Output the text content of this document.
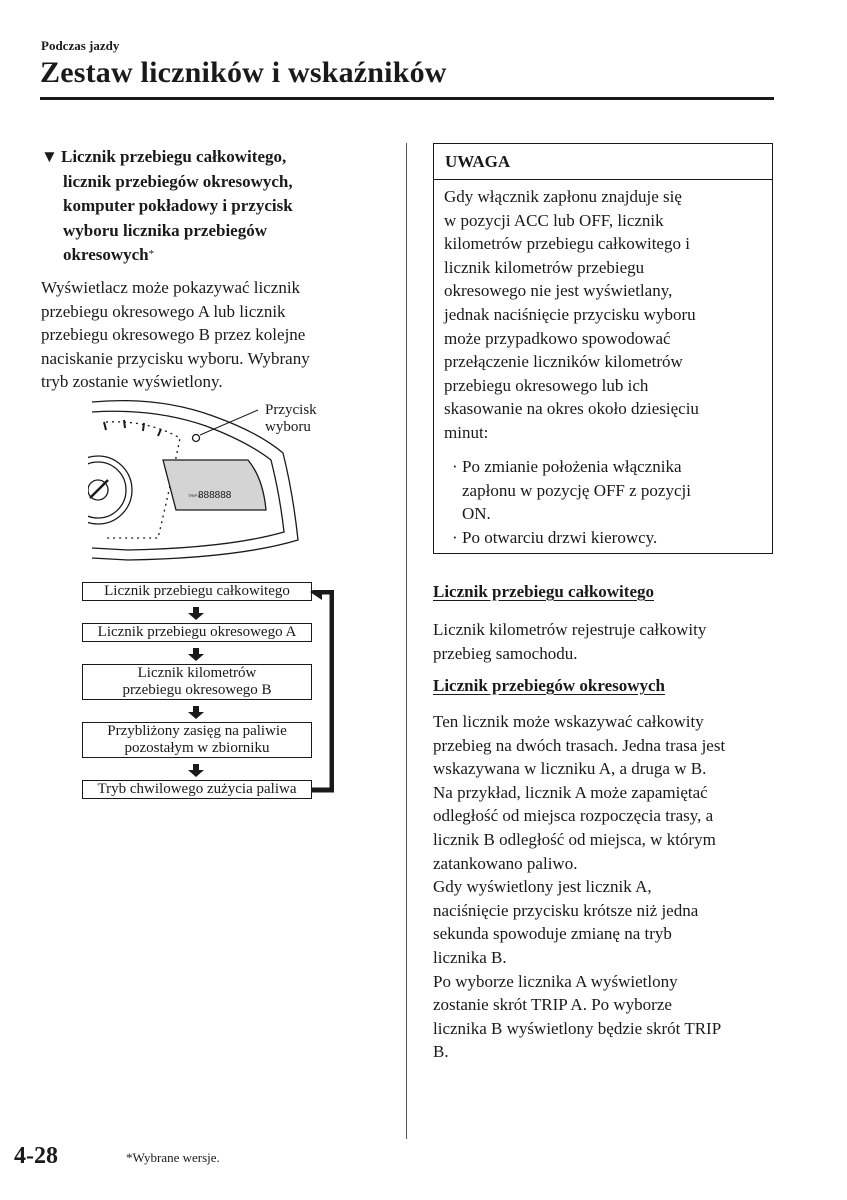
Podczas jazdy
Zestaw liczników i wskaźników
▼ Licznik przebiegu całkowitego,
licznik przebiegów okresowych,
komputer pokładowy i przycisk
wyboru licznika przebiegów
okresowych*
Wyświetlacz może pokazywać licznik
przebiegu okresowego A lub licznik
przebiegu okresowego B przez kolejne
naciskanie przycisku wyboru. Wybrany
tryb zostanie wyświetlony.
TRIP A
888888
Przycisk
wyboru
Licznik przebiegu całkowitego
Licznik przebiegu okresowego A
Licznik kilometrów
przebiegu okresowego B
Przybliżony zasięg na paliwie
pozostałym w zbiorniku
Tryb chwilowego zużycia paliwa
UWAGA
Gdy włącznik zapłonu znajduje się
w pozycji ACC lub OFF, licznik
kilometrów przebiegu całkowitego i
licznik kilometrów przebiegu
okresowego nie jest wyświetlany,
jednak naciśnięcie przycisku wyboru
może przypadkowo spowodować
przełączenie liczników kilometrów
przebiegu okresowego lub ich
skasowanie na okres około dziesięciu
minut:
· Po zmianie położenia włącznika
zapłonu w pozycję OFF z pozycji
ON.
· Po otwarciu drzwi kierowcy.
Licznik przebiegu całkowitego
Licznik kilometrów rejestruje całkowity
przebieg samochodu.
Licznik przebiegów okresowych
Ten licznik może wskazywać całkowity
przebieg na dwóch trasach. Jedna trasa jest
wskazywana w liczniku A, a druga w B.
Na przykład, licznik A może zapamiętać
odległość od miejsca rozpoczęcia trasy, a
licznik B odległość od miejsca, w którym
zatankowano paliwo.
Gdy wyświetlony jest licznik A,
naciśnięcie przycisku krótsze niż jedna
sekunda spowoduje zmianę na tryb
licznika B.
Po wyborze licznika A wyświetlony
zostanie skrót TRIP A. Po wyborze
licznika B wyświetlony będzie skrót TRIP
B.
4-28	*Wybrane wersje.
